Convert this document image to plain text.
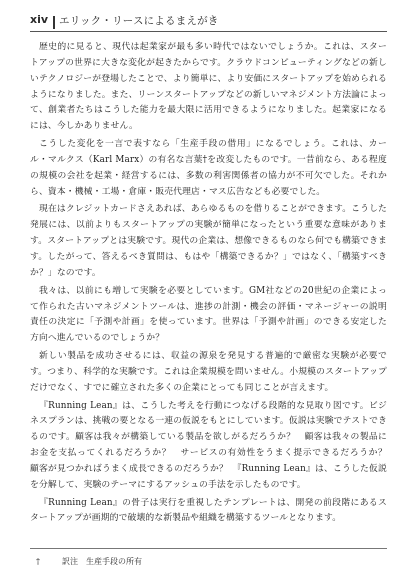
xiv エリック・リースによるまえがき

歴史的に見ると、現代は起業家が最も多い時代ではないでしょうか。これは、スタートアップの世界に大きな変化が起きたからです。クラウドコンピューティングなどの新しいテクノロジーが登場したことで、より簡単に、より安価にスタートアップを始められるようになりました。また、リーンスタートアップなどの新しいマネジメント方法論によって、創業者たちはこうした能力を最大限に活用できるようになりました。起業家になるには、今しかありません。

こうした変化を一言で表すなら「生産手段の借用」になるでしょう。これは、カール・マルクス（Karl Marx）の有名な言葉†を改変したものです。一昔前なら、ある程度の規模の会社を起業・経営するには、多数の利害関係者の協力が不可欠でした。それから、資本・機械・工場・倉庫・販売代理店・マス広告なども必要でした。

現在はクレジットカードさえあれば、あらゆるものを借りることができます。こうした発展には、以前よりもスタートアップの実験が簡単になったという重要な意味があります。スタートアップとは実験です。現代の企業は、想像できるものなら何でも構築できます。したがって、答えるべき質問は、もはや「構築できるか？」ではなく、「構築すべきか？」なのです。

我々は、以前にも増して実験を必要としています。GM社などの20世紀の企業によって作られた古いマネジメントツールは、進捗の計測・機会の評価・マネージャーの説明責任の決定に「予測や計画」を使っています。世界は「予測や計画」のできる安定した方向へ進んでいるのでしょうか？

新しい製品を成功させるには、収益の源泉を発見する普遍的で厳密な実験が必要です。つまり、科学的な実験です。これは企業規模を問いません。小規模のスタートアップだけでなく、すでに確立された多くの企業にとっても同じことが言えます。

『Running Lean』は、こうした考えを行動につなげる段階的な見取り図です。ビジネスプランは、挑戦の要となる一連の仮説をもとにしています。仮説は実験でテストできるのです。顧客は我々が構築している製品を欲しがるだろうか？　顧客は我々の製品に お金を支払ってくれるだろうか？　サービスの有効性をうまく提示できるだろうか？　顧客が見つかればうまく成長できるのだろうか？　『Running Lean』は、こうした仮説を分解して、実験のテーマにするアッシュの手法を示したものです。

『Running Lean』の骨子は実行を重視したテンプレートは、開発の前段階にあるスタートアップが画期的で破壊的な新製品や組織を構築するツールとなります。

†	訳注　生産手段の所有
